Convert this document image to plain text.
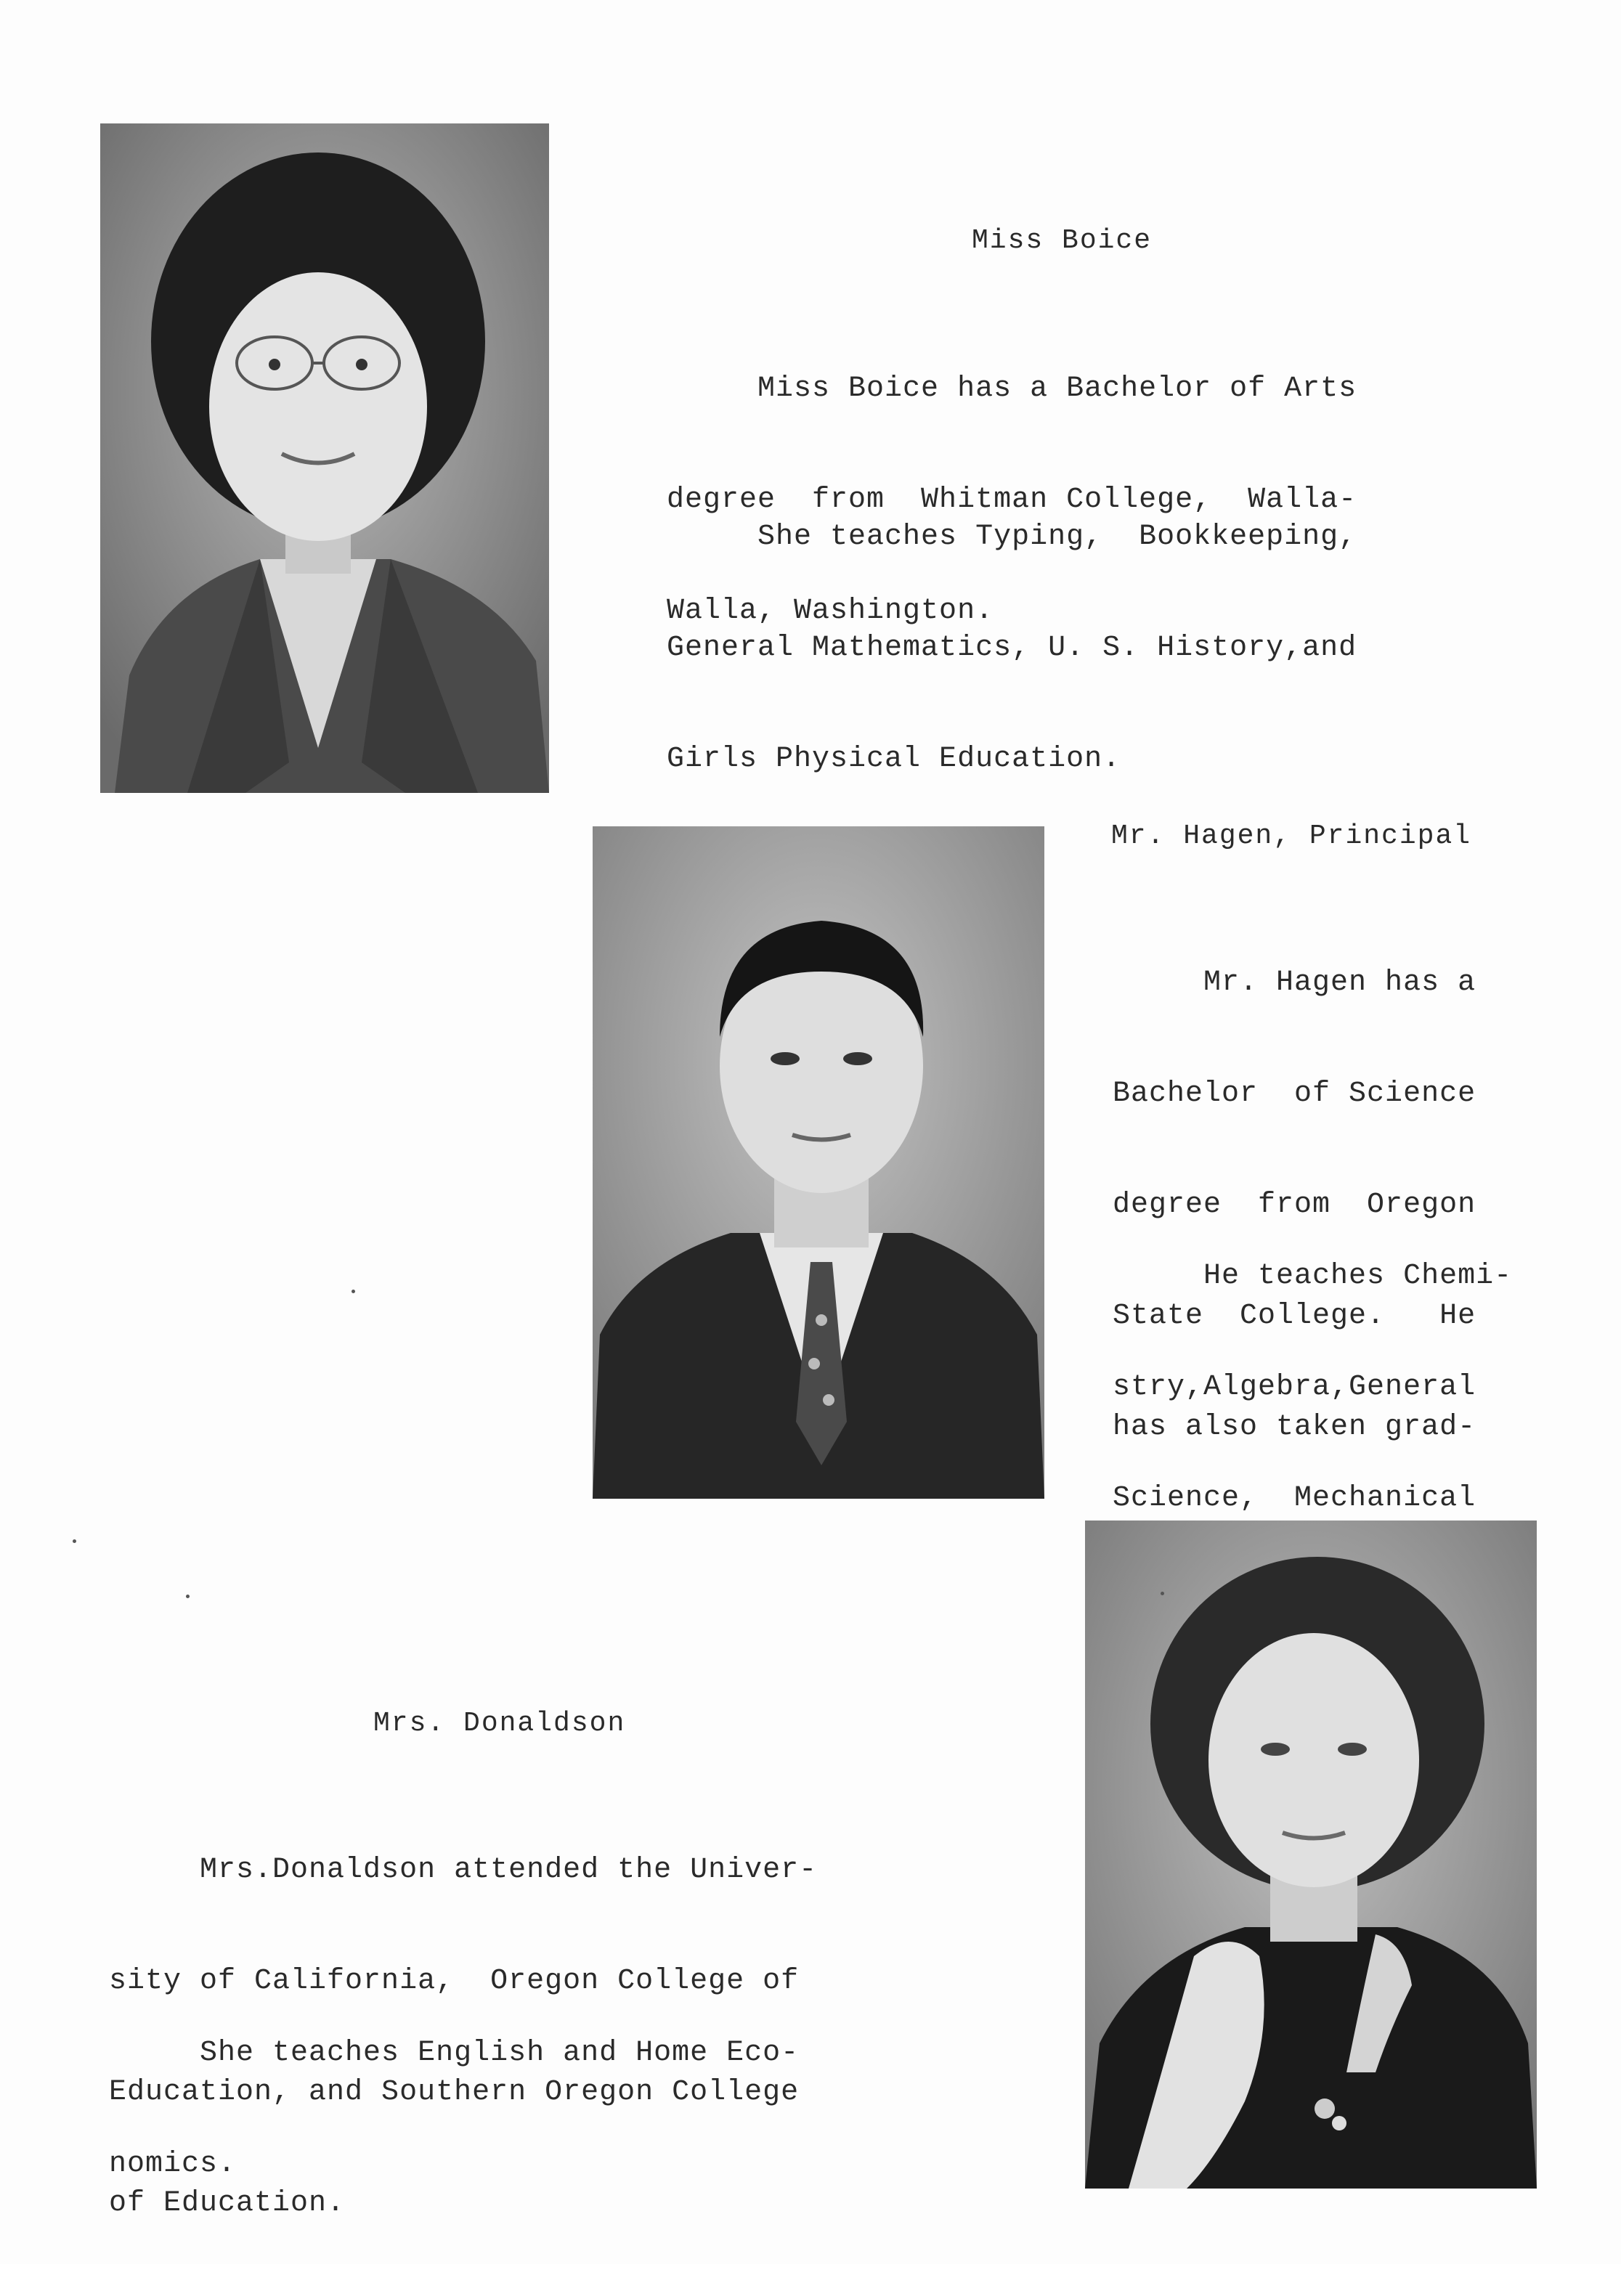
Miss Boice

Miss Boice has a Bachelor of Arts

degree  from  Whitman College,  Walla-

Walla, Washington.

She teaches Typing,  Bookkeeping,

General Mathematics, U. S. History,and

Girls Physical Education.

Mr. Hagen, Principal

Mr. Hagen has a

Bachelor  of Science

degree  from  Oregon

State  College.   He

has also taken grad-

He teaches Chemi-

stry,Algebra,General

Science,  Mechanical

Mrs. Donaldson

Mrs.Donaldson attended the Univer-

sity of California,  Oregon College of

Education, and Southern Oregon College

of Education.

She teaches English and Home Eco-

nomics.
